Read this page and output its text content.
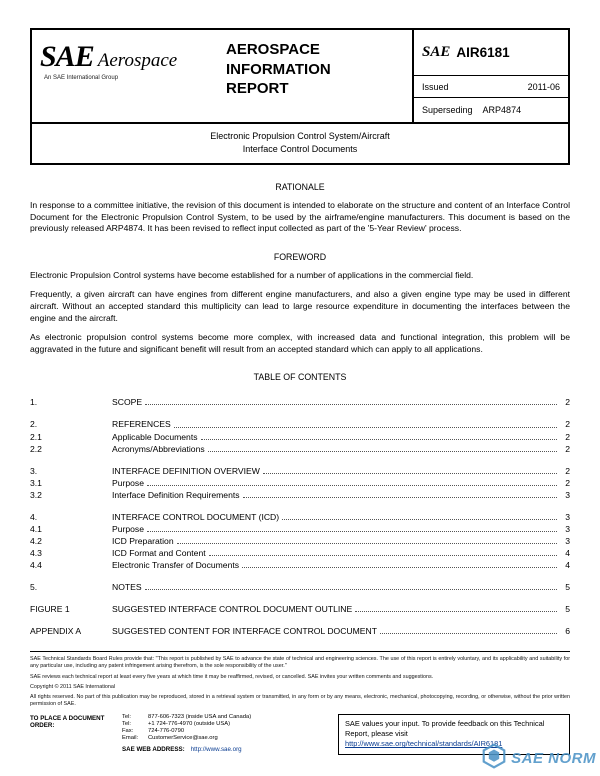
SAE Aerospace
An SAE International Group
AEROSPACE INFORMATION REPORT
SAE AIR6181
Issued	2011-06
Superseding ARP4874
Electronic Propulsion Control System/Aircraft
Interface Control Documents
RATIONALE
In response to a committee initiative, the revision of this document is intended to elaborate on the structure and content of an Interface Control Document for the Electronic Propulsion Control System, to be used by the airframe/engine manufacturers. This document is based on the previously released ARP4874. It has been revised to reflect input collected as part of the '5-Year Review' process.
FOREWORD
Electronic Propulsion Control systems have become established for a number of applications in the commercial field.
Frequently, a given aircraft can have engines from different engine manufacturers, and also a given engine type may be used in different aircraft. Without an accepted standard this multiplicity can lead to large resource expenditure in documenting the interfaces between the engine and the aircraft.
As electronic propulsion control systems become more complex, with increased data and functional integration, this problem will be aggravated in the future and significant benefit will result from an accepted standard which can apply to all applications.
TABLE OF CONTENTS
1.	SCOPE	2
2.	REFERENCES	2
2.1	Applicable Documents	2
2.2	Acronyms/Abbreviations	2
3.	INTERFACE DEFINITION OVERVIEW	2
3.1	Purpose	2
3.2	Interface Definition Requirements	3
4.	INTERFACE CONTROL DOCUMENT (ICD)	3
4.1	Purpose	3
4.2	ICD Preparation	3
4.3	ICD Format and Content	4
4.4	Electronic Transfer of Documents	4
5.	NOTES	5
FIGURE 1	SUGGESTED INTERFACE CONTROL DOCUMENT OUTLINE	5
APPENDIX A	SUGGESTED CONTENT FOR INTERFACE CONTROL DOCUMENT	6
SAE Technical Standards Board Rules provide that: "This report is published by SAE to advance the state of technical and engineering sciences. The use of this report is entirely voluntary, and its applicability and suitability for any particular use, including any patent infringement arising therefrom, is the sole responsibility of the user."
SAE reviews each technical report at least every five years at which time it may be reaffirmed, revised, or cancelled. SAE invites your written comments and suggestions.
Copyright © 2011 SAE International
All rights reserved. No part of this publication may be reproduced, stored in a retrieval system or transmitted, in any form or by any means, electronic, mechanical, photocopying, recording, or otherwise, without the prior written permission of SAE.
TO PLACE A DOCUMENT ORDER:
Tel:	877-606-7323 (inside USA and Canada)
Tel:	+1 724-776-4970 (outside USA)
Fax:	724-776-0790
Email:	CustomerService@sae.org
SAE WEB ADDRESS: http://www.sae.org
SAE values your input. To provide feedback on this Technical Report, please visit
http://www.sae.org/technical/standards/AIR6181
SAE NORM
